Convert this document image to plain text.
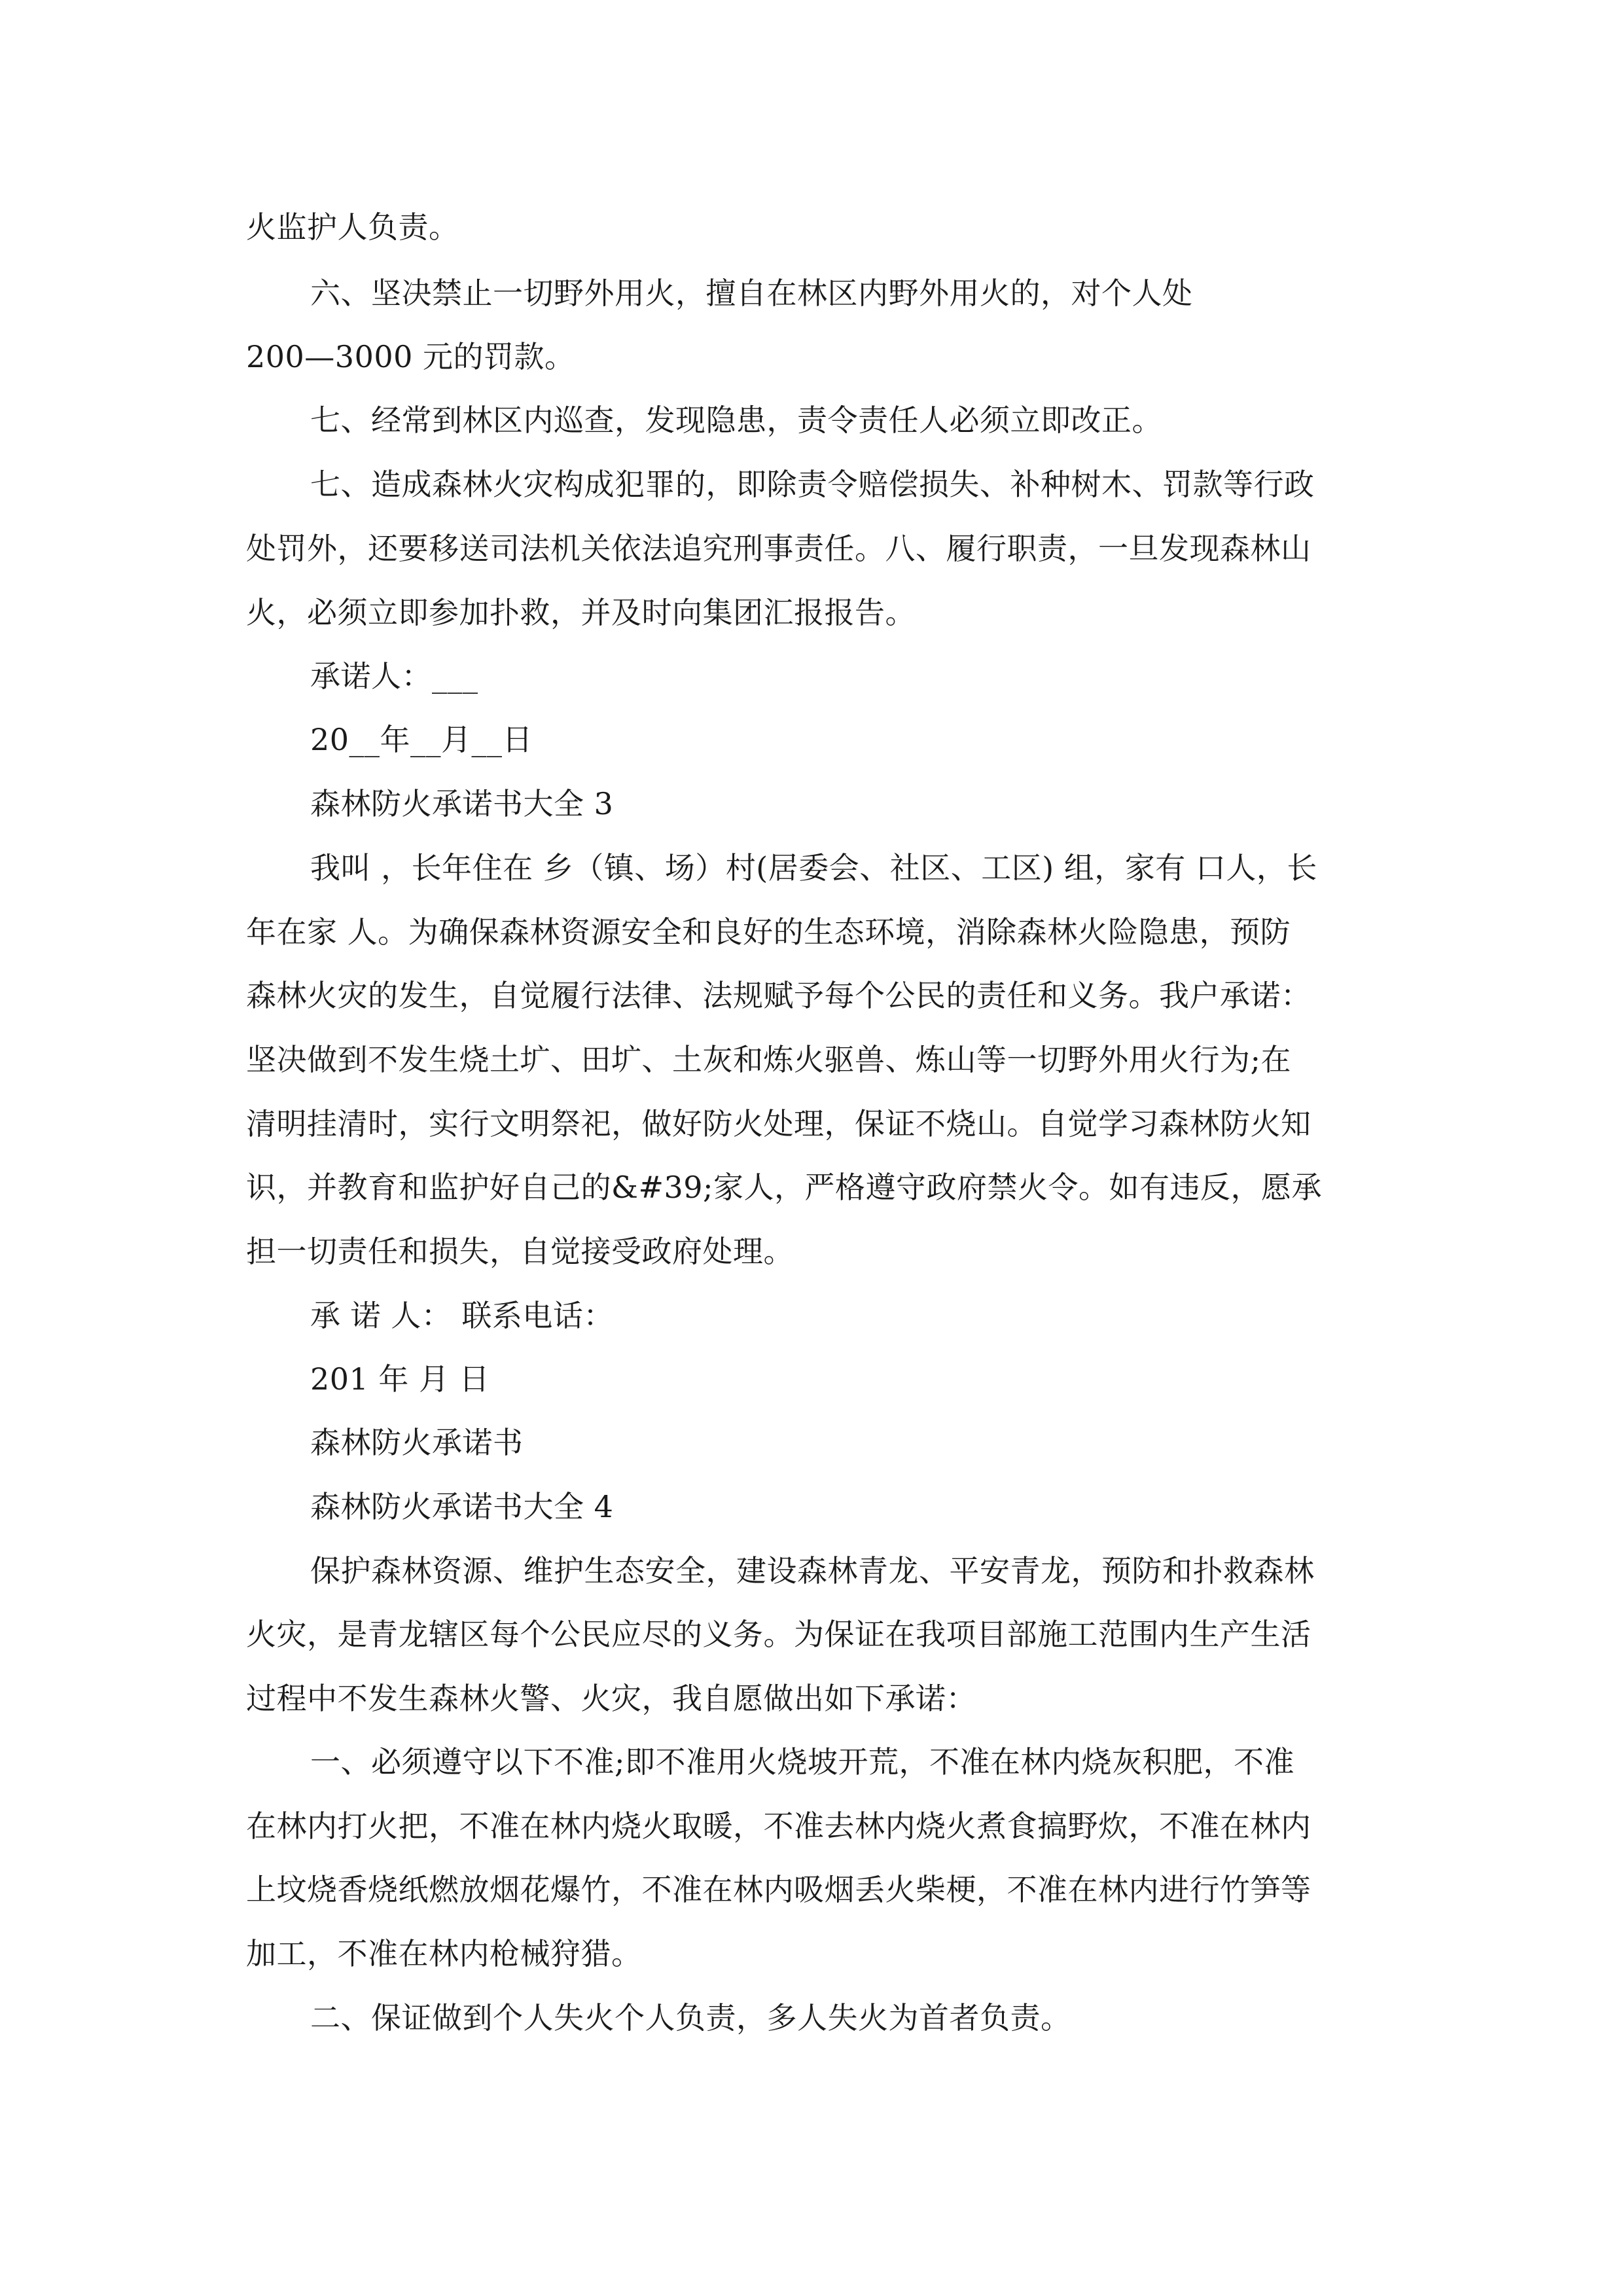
火监护人负责。
六、坚决禁止一切野外用火，擅自在林区内野外用火的，对个人处
200—3000 元的罚款。
七、经常到林区内巡查，发现隐患，责令责任人必须立即改正。
七、造成森林火灾构成犯罪的，即除责令赔偿损失、补种树木、罚款等行政
处罚外，还要移送司法机关依法追究刑事责任。八、履行职责，一旦发现森林山
火，必须立即参加扑救，并及时向集团汇报报告。
承诺人：___
20__年__月__日
森林防火承诺书大全 3
我叫 ，长年住在 乡（镇、场）村(居委会、社区、工区) 组，家有 口人，长
年在家 人。为确保森林资源安全和良好的生态环境，消除森林火险隐患，预防
森林火灾的发生，自觉履行法律、法规赋予每个公民的责任和义务。我户承诺：
坚决做到不发生烧土圹、田圹、土灰和炼火驱兽、炼山等一切野外用火行为;在
清明挂清时，实行文明祭祀，做好防火处理，保证不烧山。自觉学习森林防火知
识，并教育和监护好自己的&#39;家人，严格遵守政府禁火令。如有违反，愿承
担一切责任和损失，自觉接受政府处理。
承 诺 人： 联系电话：
201 年 月 日
森林防火承诺书
森林防火承诺书大全 4
保护森林资源、维护生态安全，建设森林青龙、平安青龙，预防和扑救森林
火灾，是青龙辖区每个公民应尽的义务。为保证在我项目部施工范围内生产生活
过程中不发生森林火警、火灾，我自愿做出如下承诺：
一、必须遵守以下不准;即不准用火烧坡开荒，不准在林内烧灰积肥，不准
在林内打火把，不准在林内烧火取暖，不准去林内烧火煮食搞野炊，不准在林内
上坟烧香烧纸燃放烟花爆竹，不准在林内吸烟丢火柴梗，不准在林内进行竹笋等
加工，不准在林内枪械狩猎。
二、保证做到个人失火个人负责，多人失火为首者负责。
